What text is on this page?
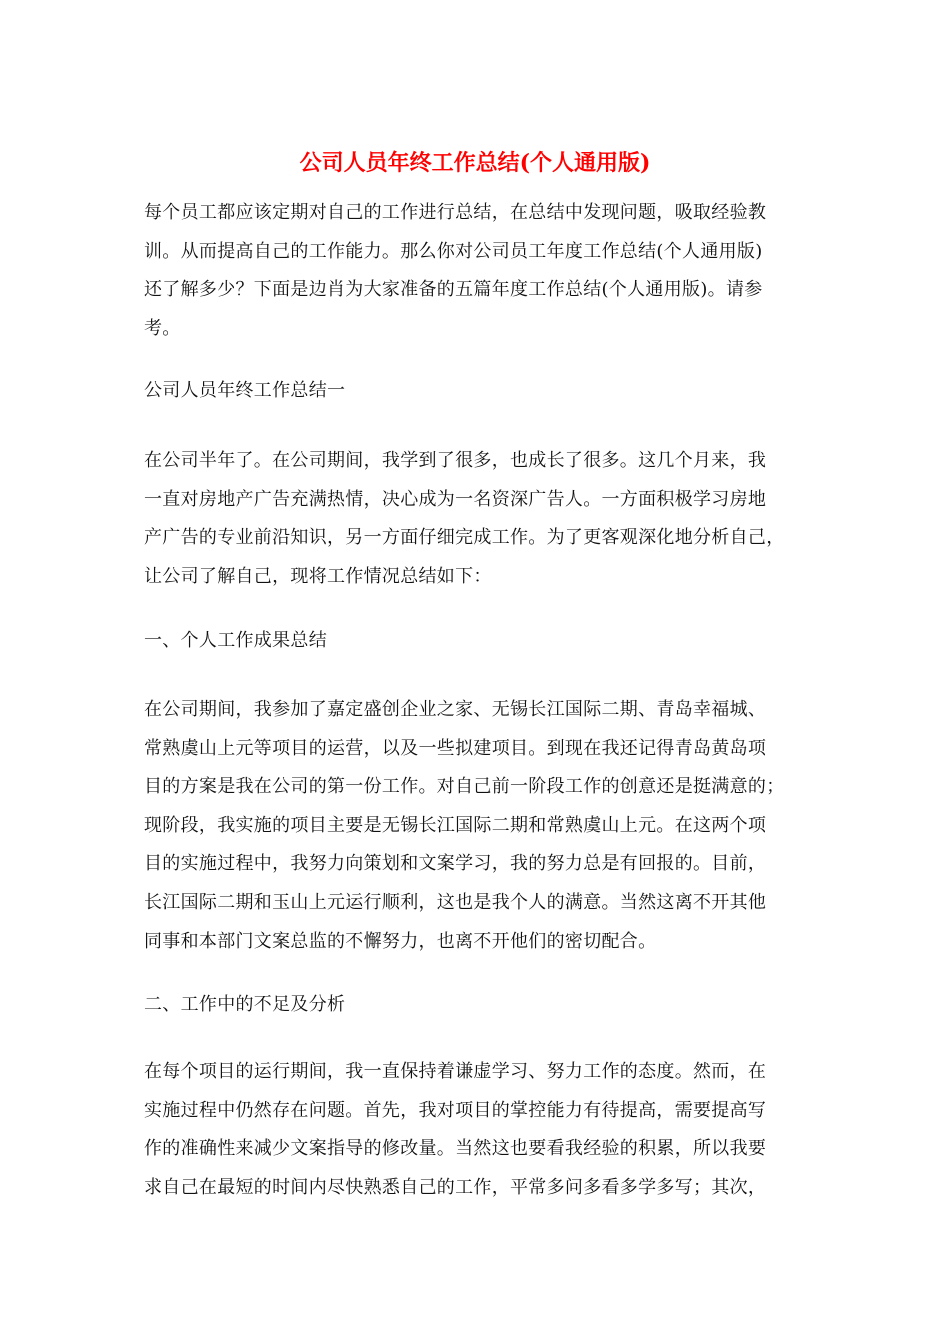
公司人员年终工作总结(个人通用版)
每个员工都应该定期对自己的工作进行总结，在总结中发现问题，吸取经验教
训。从而提高自己的工作能力。那么你对公司员工年度工作总结(个人通用版)
还了解多少？下面是边肖为大家准备的五篇年度工作总结(个人通用版)。请参
考。
公司人员年终工作总结一
在公司半年了。在公司期间，我学到了很多，也成长了很多。这几个月来，我
一直对房地产广告充满热情，决心成为一名资深广告人。一方面积极学习房地
产广告的专业前沿知识，另一方面仔细完成工作。为了更客观深化地分析自己，
让公司了解自己，现将工作情况总结如下：
一、个人工作成果总结
在公司期间，我参加了嘉定盛创企业之家、无锡长江国际二期、青岛幸福城、
常熟虞山上元等项目的运营，以及一些拟建项目。到现在我还记得青岛黄岛项
目的方案是我在公司的第一份工作。对自己前一阶段工作的创意还是挺满意的；
现阶段，我实施的项目主要是无锡长江国际二期和常熟虞山上元。在这两个项
目的实施过程中，我努力向策划和文案学习，我的努力总是有回报的。目前，
长江国际二期和玉山上元运行顺利，这也是我个人的满意。当然这离不开其他
同事和本部门文案总监的不懈努力，也离不开他们的密切配合。
二、工作中的不足及分析
在每个项目的运行期间，我一直保持着谦虚学习、努力工作的态度。然而，在
实施过程中仍然存在问题。首先，我对项目的掌控能力有待提高，需要提高写
作的准确性来减少文案指导的修改量。当然这也要看我经验的积累，所以我要
求自己在最短的时间内尽快熟悉自己的工作，平常多问多看多学多写；其次，
